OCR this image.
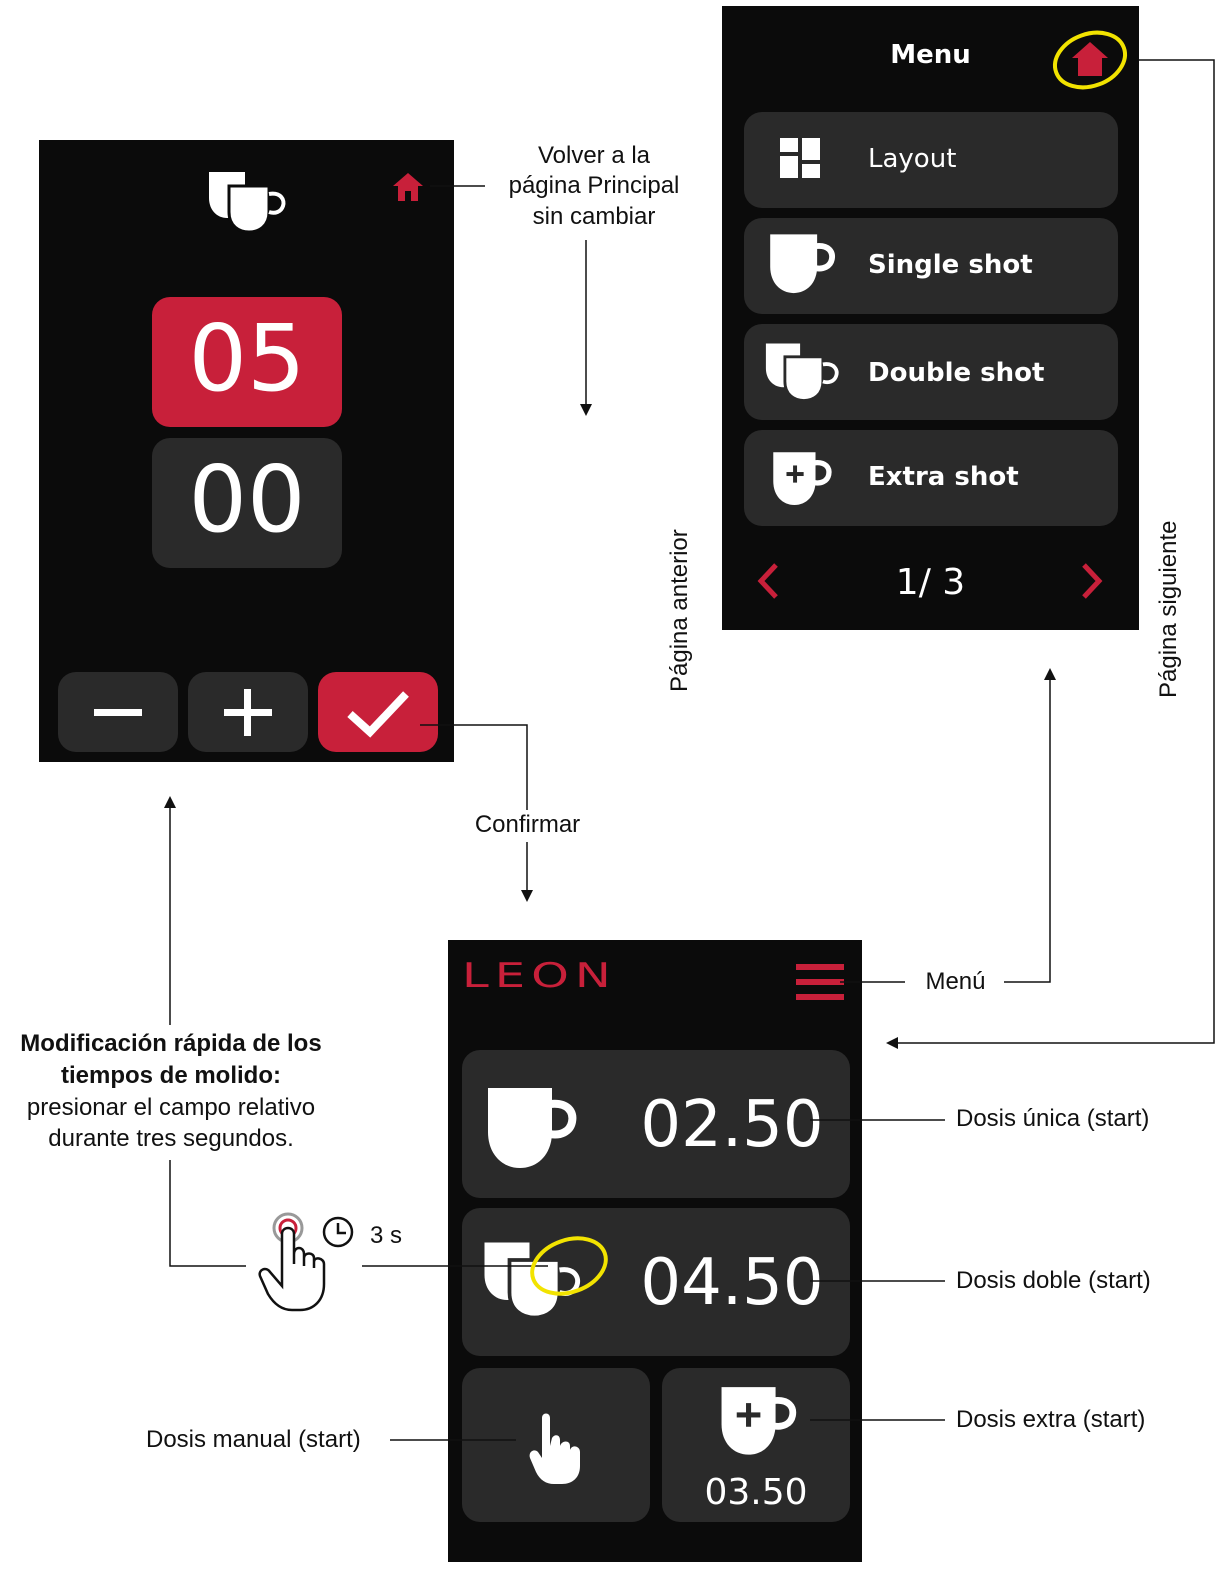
05
00
Menu
Layout
Single shot
Double shot
Extra shot
1/ 3
LEON
02.50
04.50
03.50
Volver a la
página Principal
sin cambiar
Confirmar
Menú
Página anterior	Página siguiente
Modificación rápida de los
tiempos de molido:
presionar el campo relativo
durante tres segundos.
3 s
Dosis única (start)
Dosis doble (start)
Dosis extra (start)
Dosis manual (start)
